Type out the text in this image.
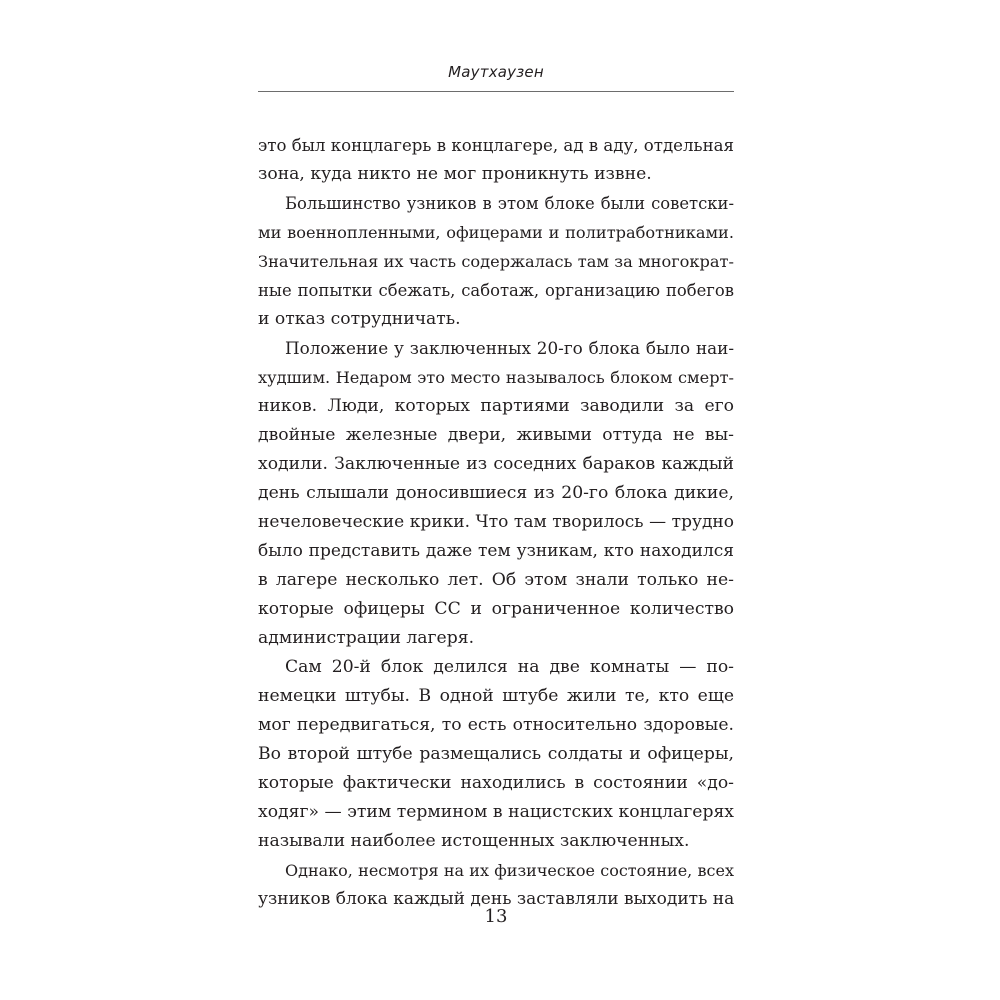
Маутхаузен
это был концлагерь в концлагере, ад в аду, отдельная
зона, куда никто не мог проникнуть извне.
Большинство узников в этом блоке были советски-
ми военнопленными, офицерами и политработниками.
Значительная их часть содержалась там за многократ-
ные попытки сбежать, саботаж, организацию побегов
и отказ сотрудничать.
Положение у заключенных 20-го блока было наи-
худшим. Недаром это место называлось блоком смерт-
ников. Люди, которых партиями заводили за его
двойные железные двери, живыми оттуда не вы-
ходили. Заключенные из соседних бараков каждый
день слышали доносившиеся из 20-го блока дикие,
нечеловеческие крики. Что там творилось — трудно
было представить даже тем узникам, кто находился
в лагере несколько лет. Об этом знали только не-
которые офицеры СС и ограниченное количество
администрации лагеря.
Сам 20-й блок делился на две комнаты — по-
немецки штубы. В одной штубе жили те, кто еще
мог передвигаться, то есть относительно здоровые.
Во второй штубе размещались солдаты и офицеры,
которые фактически находились в состоянии «до-
ходяг» — этим термином в нацистских концлагерях
называли наиболее истощенных заключенных.
Однако, несмотря на их физическое состояние, всех
узников блока каждый день заставляли выходить на
13
